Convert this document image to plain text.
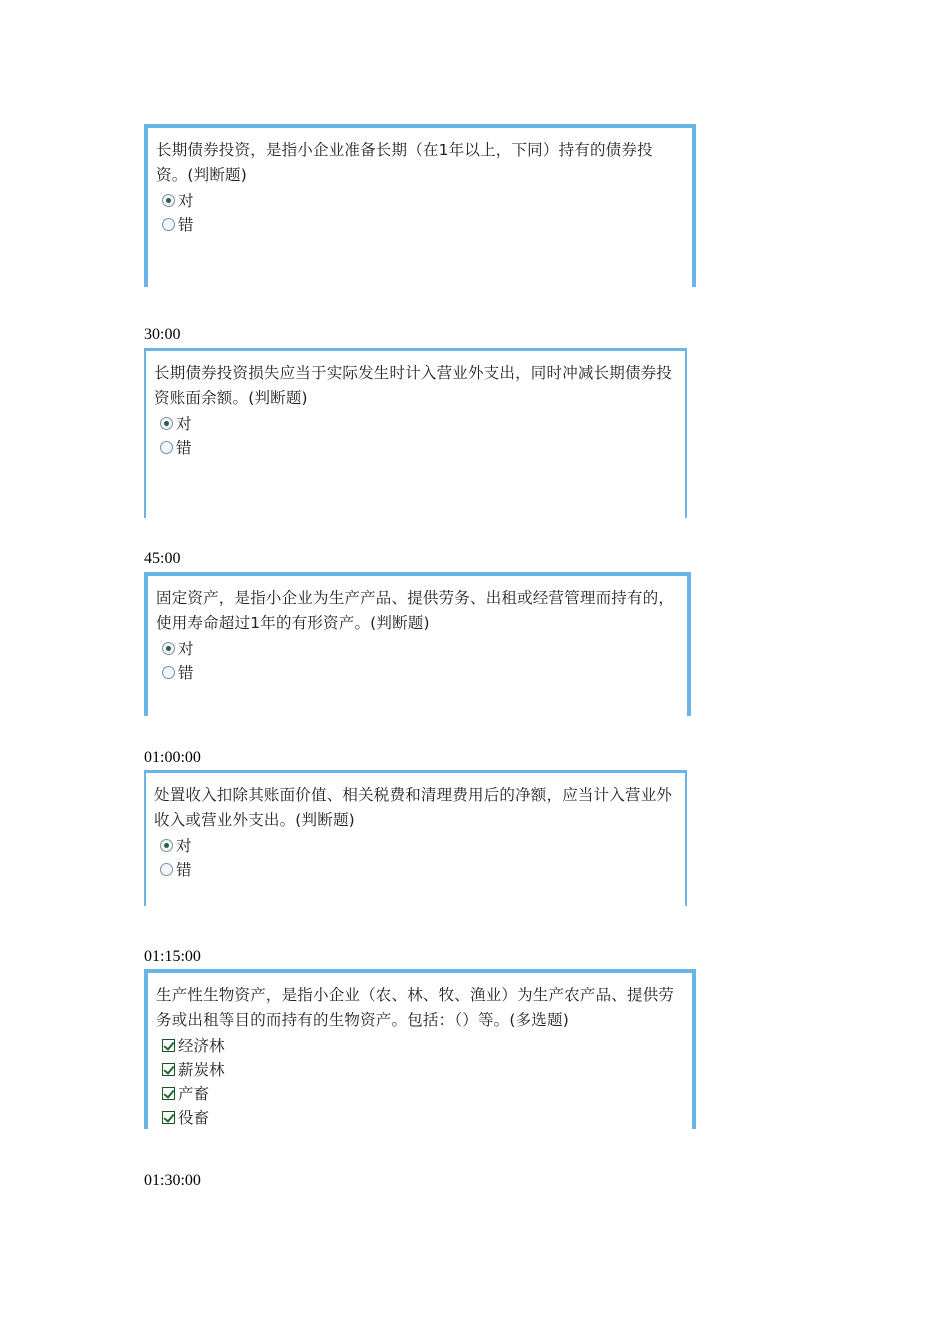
长期债券投资，是指小企业准备长期（在1年以上，下同）持有的债券投资。(判断题)

对
错
30:00

长期债券投资损失应当于实际发生时计入营业外支出，同时冲减长期债券投资账面余额。(判断题)

对
错
45:00

固定资产，是指小企业为生产产品、提供劳务、出租或经营管理而持有的，使用寿命超过1年的有形资产。(判断题)

对
错
01:00:00

处置收入扣除其账面价值、相关税费和清理费用后的净额，应当计入营业外收入或营业外支出。(判断题)

对
错
01:15:00

生产性生物资产，是指小企业（农、林、牧、渔业）为生产农产品、提供劳务或出租等目的而持有的生物资产。包括：（）等。(多选题)

经济林
薪炭林
产畜
役畜
01:30:00
